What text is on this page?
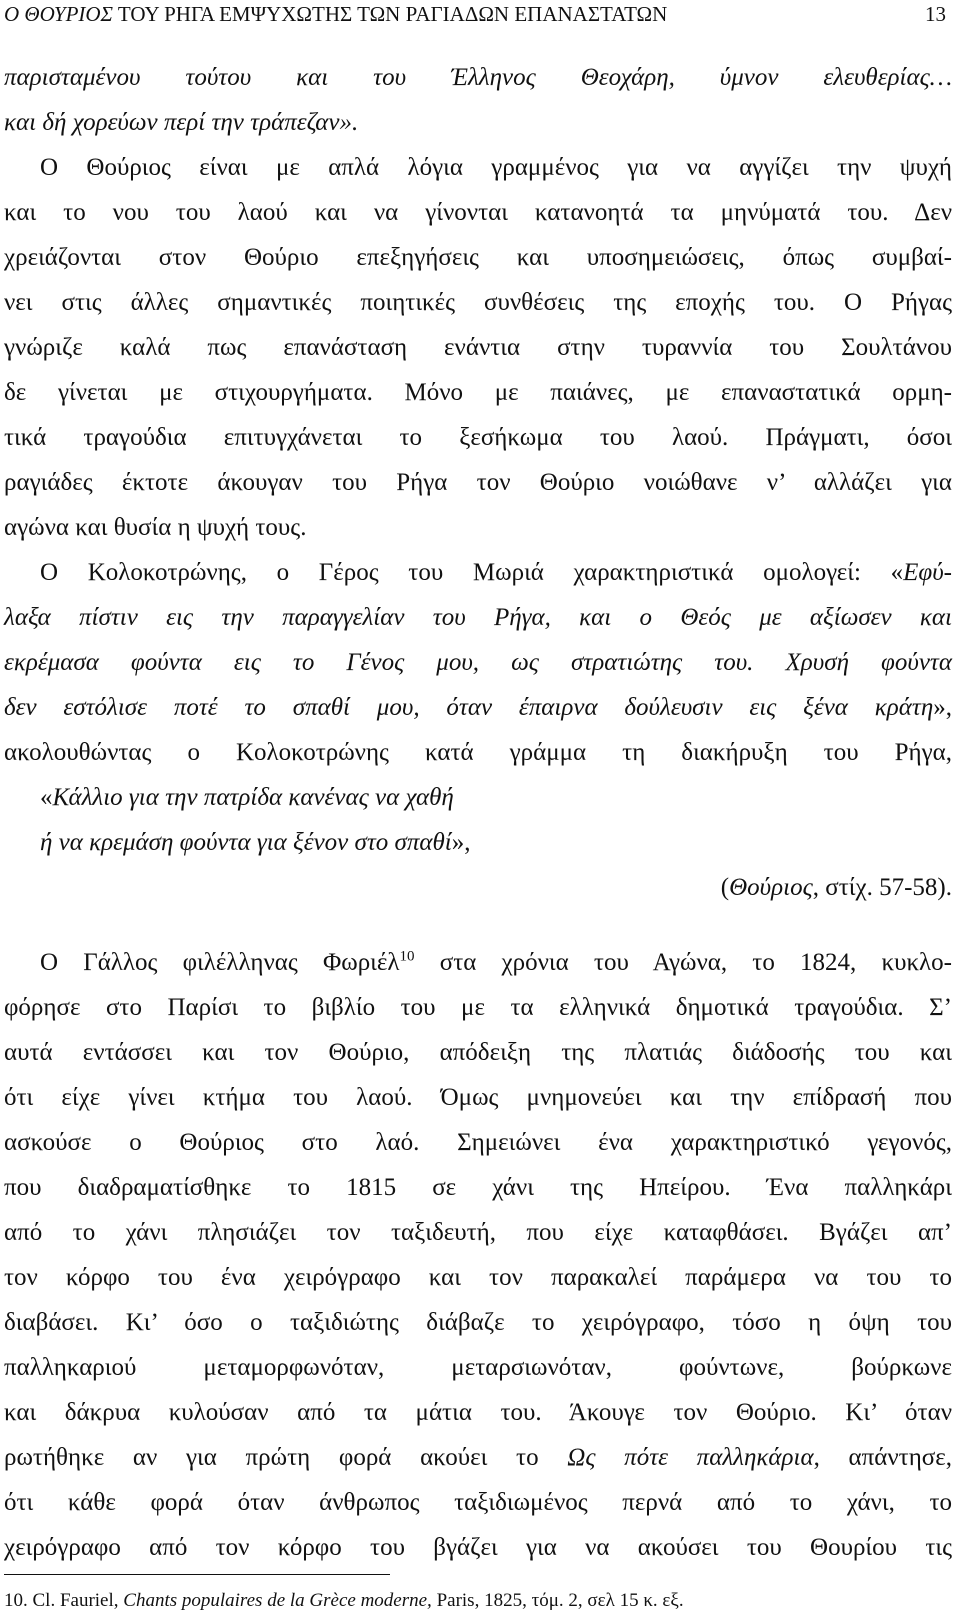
Ο ΘΟΥΡΙΟΣ ΤΟΥ ΡΗΓΑ ΕΜΨΥΧΩΤΗΣ ΤΩΝ ΡΑΓΙΑΔΩΝ ΕΠΑΝΑΣΤΑΤΩΝ	13
παρισταμένου τούτου και του Έλληνος Θεοχάρη, ύμνον ελευθερίας…
και δή χορεύων περί την τράπεζαν».
Ο Θούριος είναι με απλά λόγια γραμμένος για να αγγίζει την ψυχή
και το νου του λαού και να γίνονται κατανοητά τα μηνύματά του. Δεν
χρειάζονται στον Θούριο επεξηγήσεις και υποσημειώσεις, όπως συμβαί-
νει στις άλλες σημαντικές ποιητικές συνθέσεις της εποχής του. Ο Ρήγας
γνώριζε καλά πως επανάσταση ενάντια στην τυραννία του Σουλτάνου
δε γίνεται με στιχουργήματα. Μόνο με παιάνες, με επαναστατικά ορμη-
τικά τραγούδια επιτυγχάνεται το ξεσήκωμα του λαού. Πράγματι, όσοι
ραγιάδες έκτοτε άκουγαν του Ρήγα τον Θούριο νοιώθανε ν’ αλλάζει για
αγώνα και θυσία η ψυχή τους.
Ο Κολοκοτρώνης, ο Γέρος του Μωριά χαρακτηριστικά ομολογεί: «Εφύ-
λαξα πίστιν εις την παραγγελίαν του Ρήγα, και ο Θεός με αξίωσεν και
εκρέμασα φούντα εις το Γένος μου, ως στρατιώτης του. Χρυσή φούντα
δεν εστόλισε ποτέ το σπαθί μου, όταν έπαιρνα δούλευσιν εις ξένα κράτη»,
ακολουθώντας ο Κολοκοτρώνης κατά γράμμα τη διακήρυξη του Ρήγα,
«Κάλλιο για την πατρίδα κανένας να χαθή
ή να κρεμάση φούντα για ξένον στο σπαθί»,
(Θούριος, στίχ. 57-58).
Ο Γάλλος φιλέλληνας Φωριέλ$^{10}$ στα χρόνια του Αγώνα, το 1824, κυκλο-
φόρησε στο Παρίσι το βιβλίο του με τα ελληνικά δημοτικά τραγούδια. Σ’
αυτά εντάσσει και τον Θούριο, απόδειξη της πλατιάς διάδοσής του και
ότι είχε γίνει κτήμα του λαού. Όμως μνημονεύει και την επίδρασή που
ασκούσε ο Θούριος στο λαό. Σημειώνει ένα χαρακτηριστικό γεγονός,
που διαδραματίσθηκε το 1815 σε χάνι της Ηπείρου. Ένα παλληκάρι
από το χάνι πλησιάζει τον ταξιδευτή, που είχε καταφθάσει. Βγάζει απ’
τον κόρφο του ένα χειρόγραφο και τον παρακαλεί παράμερα να του το
διαβάσει. Κι’ όσο ο ταξιδιώτης διάβαζε το χειρόγραφο, τόσο η όψη του
παλληκαριού μεταμορφωνόταν, μεταρσιωνόταν, φούντωνε, βούρκωνε
και δάκρυα κυλούσαν από τα μάτια του. Άκουγε τον Θούριο. Κι’ όταν
ρωτήθηκε αν για πρώτη φορά ακούει το Ως πότε παλληκάρια, απάντησε,
ότι κάθε φορά όταν άνθρωπος ταξιδιωμένος περνά από το χάνι, το
χειρόγραφο από τον κόρφο του βγάζει για να ακούσει του Θουρίου τις
10. Cl. Fauriel, Chants populaires de la Grèce moderne, Paris, 1825, τόμ. 2, σελ 15 κ. εξ.
